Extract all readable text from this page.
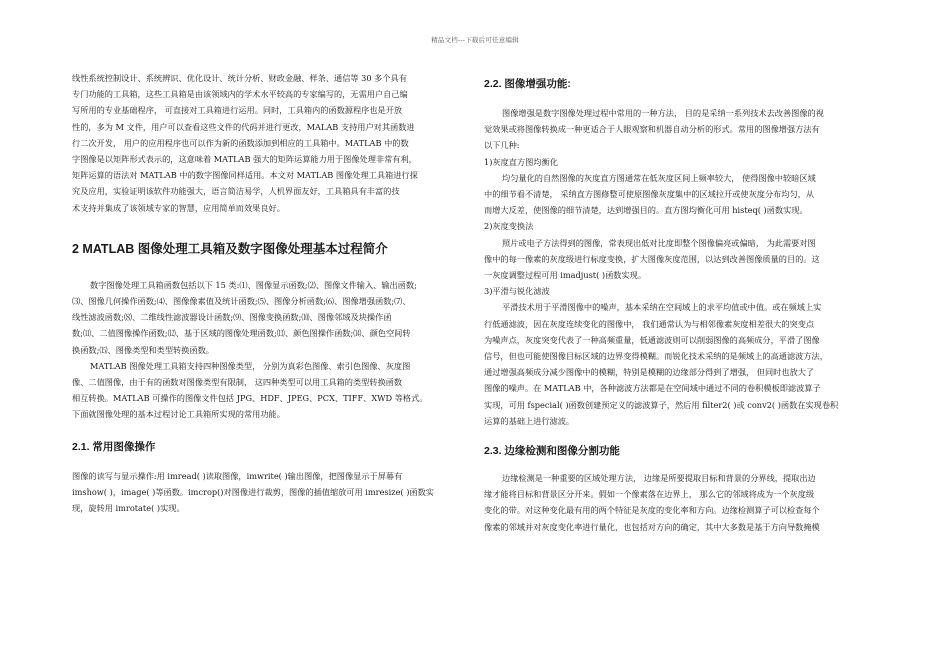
精品文档---下载后可任意编辑

线性系统控制设计、系统辨识、优化设计、统计分析、财政金融、样条、通信等 30 多个具有

专门功能的工具箱，这些工具箱是由该领域内的学术水平较高的专家编写的，无需用户自己编

写所用的专业基础程序， 可直接对工具箱进行运用。同时，工具箱内的函数源程序也是开放

性的，多为 M 文件，用户可以查看这些文件的代码并进行更改，MALAB 支持用户对其函数进

行二次开发， 用户的应用程序也可以作为新的函数添加到相应的工具箱中。MATLAB 中的数

字图像是以矩阵形式表示的，这意味着 MATLAB 强大的矩阵运算能力用于图像处理非常有利，

矩阵运算的语法对 MATLAB 中的数字图像同样适用。本文对 MATLAB 图像处理工具箱进行探

究及应用，实验证明该软件功能强大，语言简洁易学，人机界面友好，工具箱具有丰富的技

术支持并集成了该领域专家的智慧，应用简单而效果良好。

2 MATLAB 图像处理工具箱及数字图像处理基本过程简介

数字图像处理工具箱函数包括以下 15 类:⑴、图像显示函数;⑵、图像文件输入、输出函数;

⑶、图像几何操作函数;⑷、图像像素值及统计函数;⑸、图像分析函数;⑹、图像增强函数;⑺、

线性滤波函数;⑻、二维线性滤波器设计函数;⑼、图像变换函数;⑽、图像邻域及块操作函

数;⑾、二值图像操作函数;⑿、基于区域的图像处理函数;⒀、颜色图操作函数;⒁、颜色空间转

换函数;⒂、图像类型和类型转换函数。

MATLAB 图像处理工具箱支持四种图像类型， 分别为真彩色图像、索引色图像、灰度图

像、二值图像，由于有的函数对图像类型有限制， 这四种类型可以用工具箱的类型转换函数

相互转换。MATLAB 可操作的图像文件包括 JPG、HDF、JPEG、PCX、TIFF、XWD 等格式。

下面就图像处理的基本过程讨论工具箱所实现的常用功能。

2.1. 常用图像操作

图像的读写与显示操作:用 imread( )读取图像，imwrite( )输出图像，把图像显示于屏幕有

imshow( )，image( )等函数。imcrop()对图像进行裁剪，图像的插值缩放可用 imresize( )函数实

现，旋转用 imrotate( )实现。

2.2. 图像增强功能:

图像增强是数字图像处理过程中常用的一种方法， 目的是采纳一系列技术去改善图像的视

觉效果或将图像转换成一种更适合于人眼观察和机器自动分析的形式。常用的图像增强方法有

以下几种:

1)灰度直方图均衡化

均匀量化的自然图像的灰度直方图通常在低灰度区间上频率较大， 使得图像中较暗区域

中的细节看不清楚， 采纳直方图修整可使原图像灰度集中的区域拉开或使灰度分布均匀，从

而增大反差，使图像的细节清楚，达到增强目的。直方图均衡化可用 histeq( )函数实现。

2)灰度变换法

照片或电子方法得到的图像，常表现出低对比度即整个图像偏亮或偏暗， 为此需要对图

像中的每一像素的灰度级进行标度变换，扩大图像灰度范围，以达到改善图像质量的目的。这

一灰度调整过程可用 imadjust( )函数实现。

3)平滑与锐化滤波

平滑技术用于平滑图像中的噪声，基本采纳在空间域上的求平均值或中值。或在频域上实

行低通滤波，因在灰度连续变化的图像中， 我们通常认为与相邻像素灰度相差很大的突变点

为噪声点，灰度突变代表了一种高频重量，低通滤波则可以削弱图像的高频成分，平滑了图像

信号，但也可能使图像目标区域的边界变得模糊。而锐化技术采纳的是频域上的高通滤波方法，

通过增强高频成分减少图像中的模糊，特别是模糊的边缘部分得到了增强， 但同时也放大了

图像的噪声。在 MATLAB 中，各种滤波方法都是在空间域中通过不同的卷积模板即滤波算子

实现，可用 fspecial( )函数创建预定义的滤波算子，然后用 filter2( )或 conv2( )函数在实现卷积

运算的基础上进行滤波。

2.3. 边缘检测和图像分割功能

边缘检测是一种重要的区域处理方法， 边缘是所要提取目标和背景的分界线，提取出边

缘才能将目标和背景区分开来。假如一个像素落在边界上， 那么它的邻域将成为一个灰度级

变化的带。对这种变化最有用的两个特征是灰度的变化率和方向。边缘检测算子可以检查每个

像素的邻域并对灰度变化率进行量化，也包括对方向的确定，其中大多数是基于方向导数掩模
